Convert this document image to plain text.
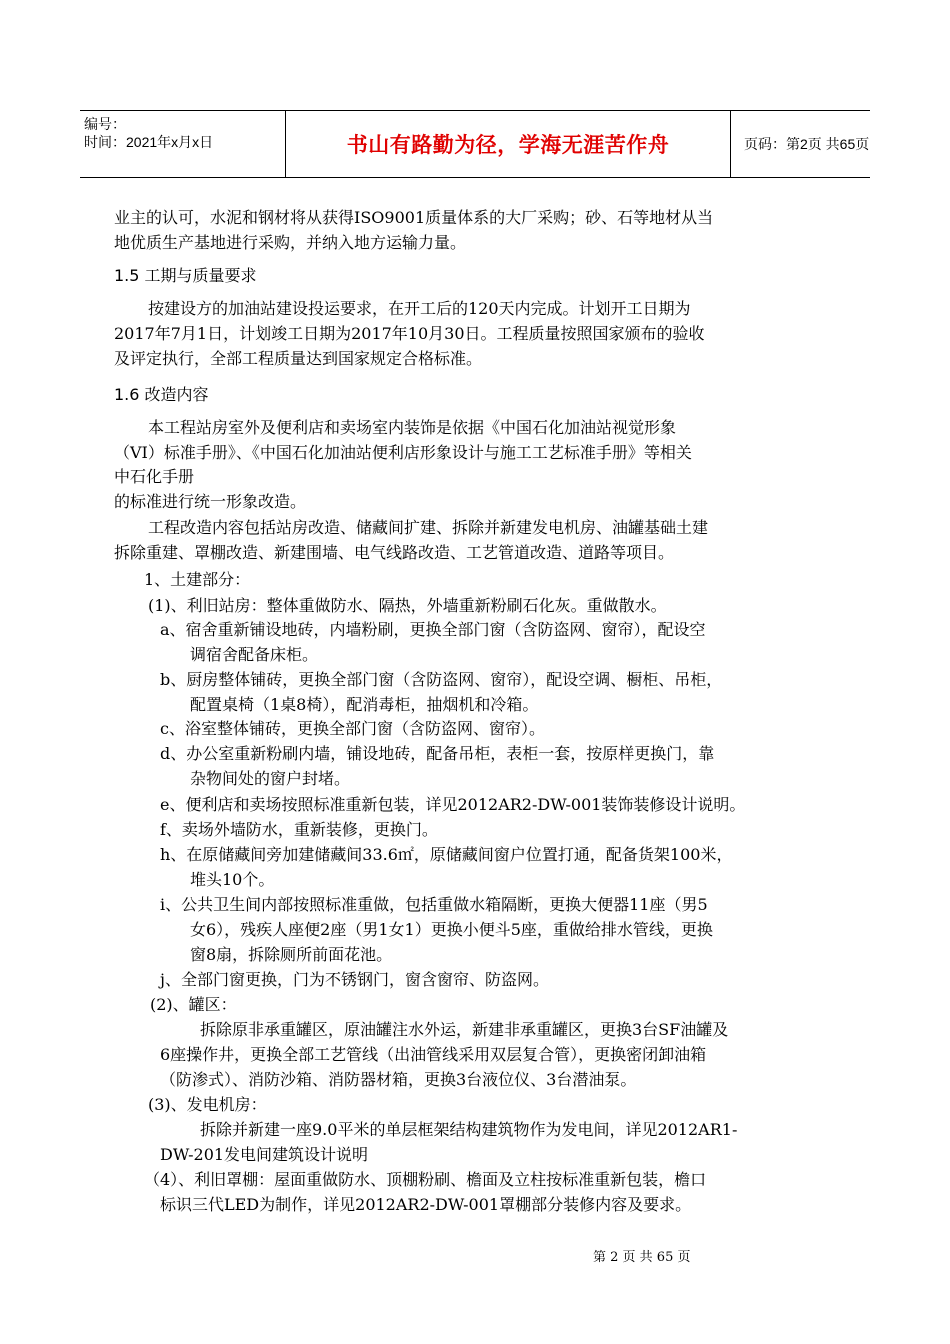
编号：
时间：2021年x月x日	书山有路勤为径，学海无涯苦作舟	页码：第2页 共65页
业主的认可，水泥和钢材将从获得ISO9001质量体系的大厂采购；砂、石等地材从当
地优质生产基地进行采购，并纳入地方运输力量。
1.5 工期与质量要求
按建设方的加油站建设投运要求，在开工后的120天内完成。计划开工日期为
2017年7月1日，计划竣工日期为2017年10月30日。工程质量按照国家颁布的验收
及评定执行，全部工程质量达到国家规定合格标准。
1.6 改造内容
本工程站房室外及便利店和卖场室内装饰是依据《中国石化加油站视觉形象
（VI）标准手册》、《中国石化加油站便利店形象设计与施工工艺标准手册》等相关
中石化手册
的标准进行统一形象改造。
工程改造内容包括站房改造、储藏间扩建、拆除并新建发电机房、油罐基础土建
拆除重建、罩棚改造、新建围墙、电气线路改造、工艺管道改造、道路等项目。
1、土建部分：
(1)、利旧站房：整体重做防水、隔热，外墙重新粉刷石化灰。重做散水。
a、宿舍重新铺设地砖，内墙粉刷，更换全部门窗（含防盗网、窗帘），配设空
调宿舍配备床柜。
b、厨房整体铺砖，更换全部门窗（含防盗网、窗帘），配设空调、橱柜、吊柜，
配置桌椅（1桌8椅），配消毒柜，抽烟机和冷箱。
c、浴室整体铺砖，更换全部门窗（含防盗网、窗帘）。
d、办公室重新粉刷内墙，铺设地砖，配备吊柜，表柜一套，按原样更换门，靠
杂物间处的窗户封堵。
e、便利店和卖场按照标准重新包装，详见2012AR2-DW-001装饰装修设计说明。
f、卖场外墙防水，重新装修，更换门。
h、在原储藏间旁加建储藏间33.6㎡，原储藏间窗户位置打通，配备货架100米，
堆头10个。
i、公共卫生间内部按照标准重做，包括重做水箱隔断，更换大便器11座（男5
女6），残疾人座便2座（男1女1）更换小便斗5座，重做给排水管线，更换
窗8扇，拆除厕所前面花池。
j、全部门窗更换，门为不锈钢门，窗含窗帘、防盗网。
(2)、罐区：
拆除原非承重罐区，原油罐注水外运，新建非承重罐区，更换3台SF油罐及
6座操作井，更换全部工艺管线（出油管线采用双层复合管），更换密闭卸油箱
（防渗式）、消防沙箱、消防器材箱，更换3台液位仪、3台潜油泵。
(3)、发电机房：
拆除并新建一座9.0平米的单层框架结构建筑物作为发电间，详见2012AR1-
DW-201发电间建筑设计说明
（4）、利旧罩棚：屋面重做防水、顶棚粉刷、檐面及立柱按标准重新包装，檐口
标识三代LED为制作，详见2012AR2-DW-001罩棚部分装修内容及要求。
第 2 页 共 65 页
